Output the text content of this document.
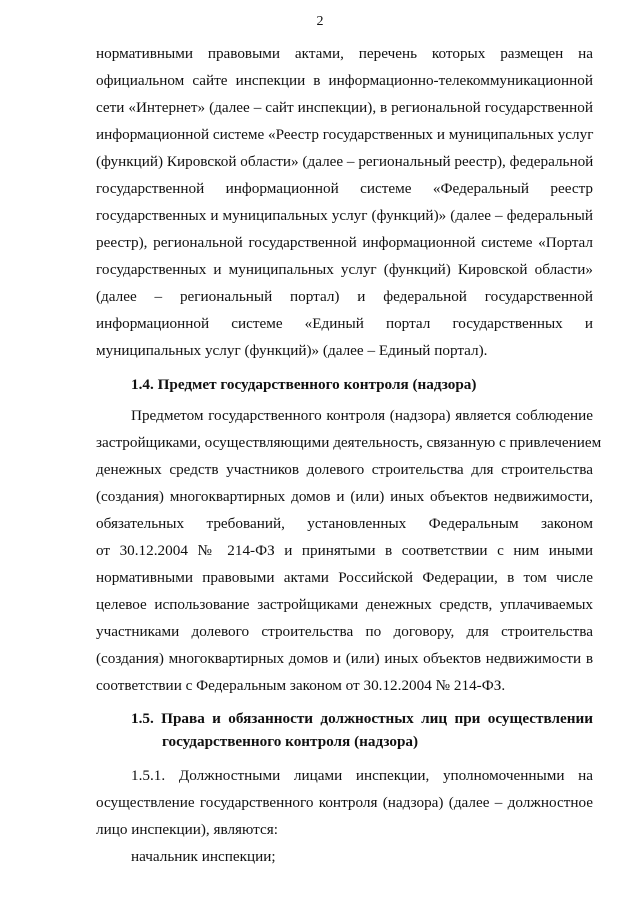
2
нормативными правовыми актами, перечень которых размещен на
официальном сайте инспекции в информационно-телекоммуникационной
сети «Интернет» (далее – сайт инспекции), в региональной государственной
информационной системе «Реестр государственных и муниципальных услуг
(функций) Кировской области» (далее – региональный реестр), федеральной
государственной информационной системе «Федеральный реестр
государственных и муниципальных услуг (функций)» (далее – федеральный
реестр), региональной государственной информационной системе «Портал
государственных и муниципальных услуг (функций) Кировской области»
(далее – региональный портал) и федеральной государственной
информационной системе «Единый портал государственных и
муниципальных услуг (функций)» (далее – Единый портал).
1.4. Предмет государственного контроля (надзора)
Предметом государственного контроля (надзора) является соблюдение
застройщиками, осуществляющими деятельность, связанную с привлечением
денежных средств участников долевого строительства для строительства
(создания) многоквартирных домов и (или) иных объектов недвижимости,
обязательных требований, установленных Федеральным законом
от 30.12.2004 № 214-ФЗ и принятыми в соответствии с ним иными
нормативными правовыми актами Российской Федерации, в том числе
целевое использование застройщиками денежных средств, уплачиваемых
участниками долевого строительства по договору, для строительства
(создания) многоквартирных домов и (или) иных объектов недвижимости в
соответствии с Федеральным законом от 30.12.2004 № 214-ФЗ.
1.5. Права и обязанности должностных лиц при осуществлении
государственного контроля (надзора)
1.5.1. Должностными лицами инспекции, уполномоченными на
осуществление государственного контроля (надзора) (далее – должностное
лицо инспекции), являются:
начальник инспекции;
